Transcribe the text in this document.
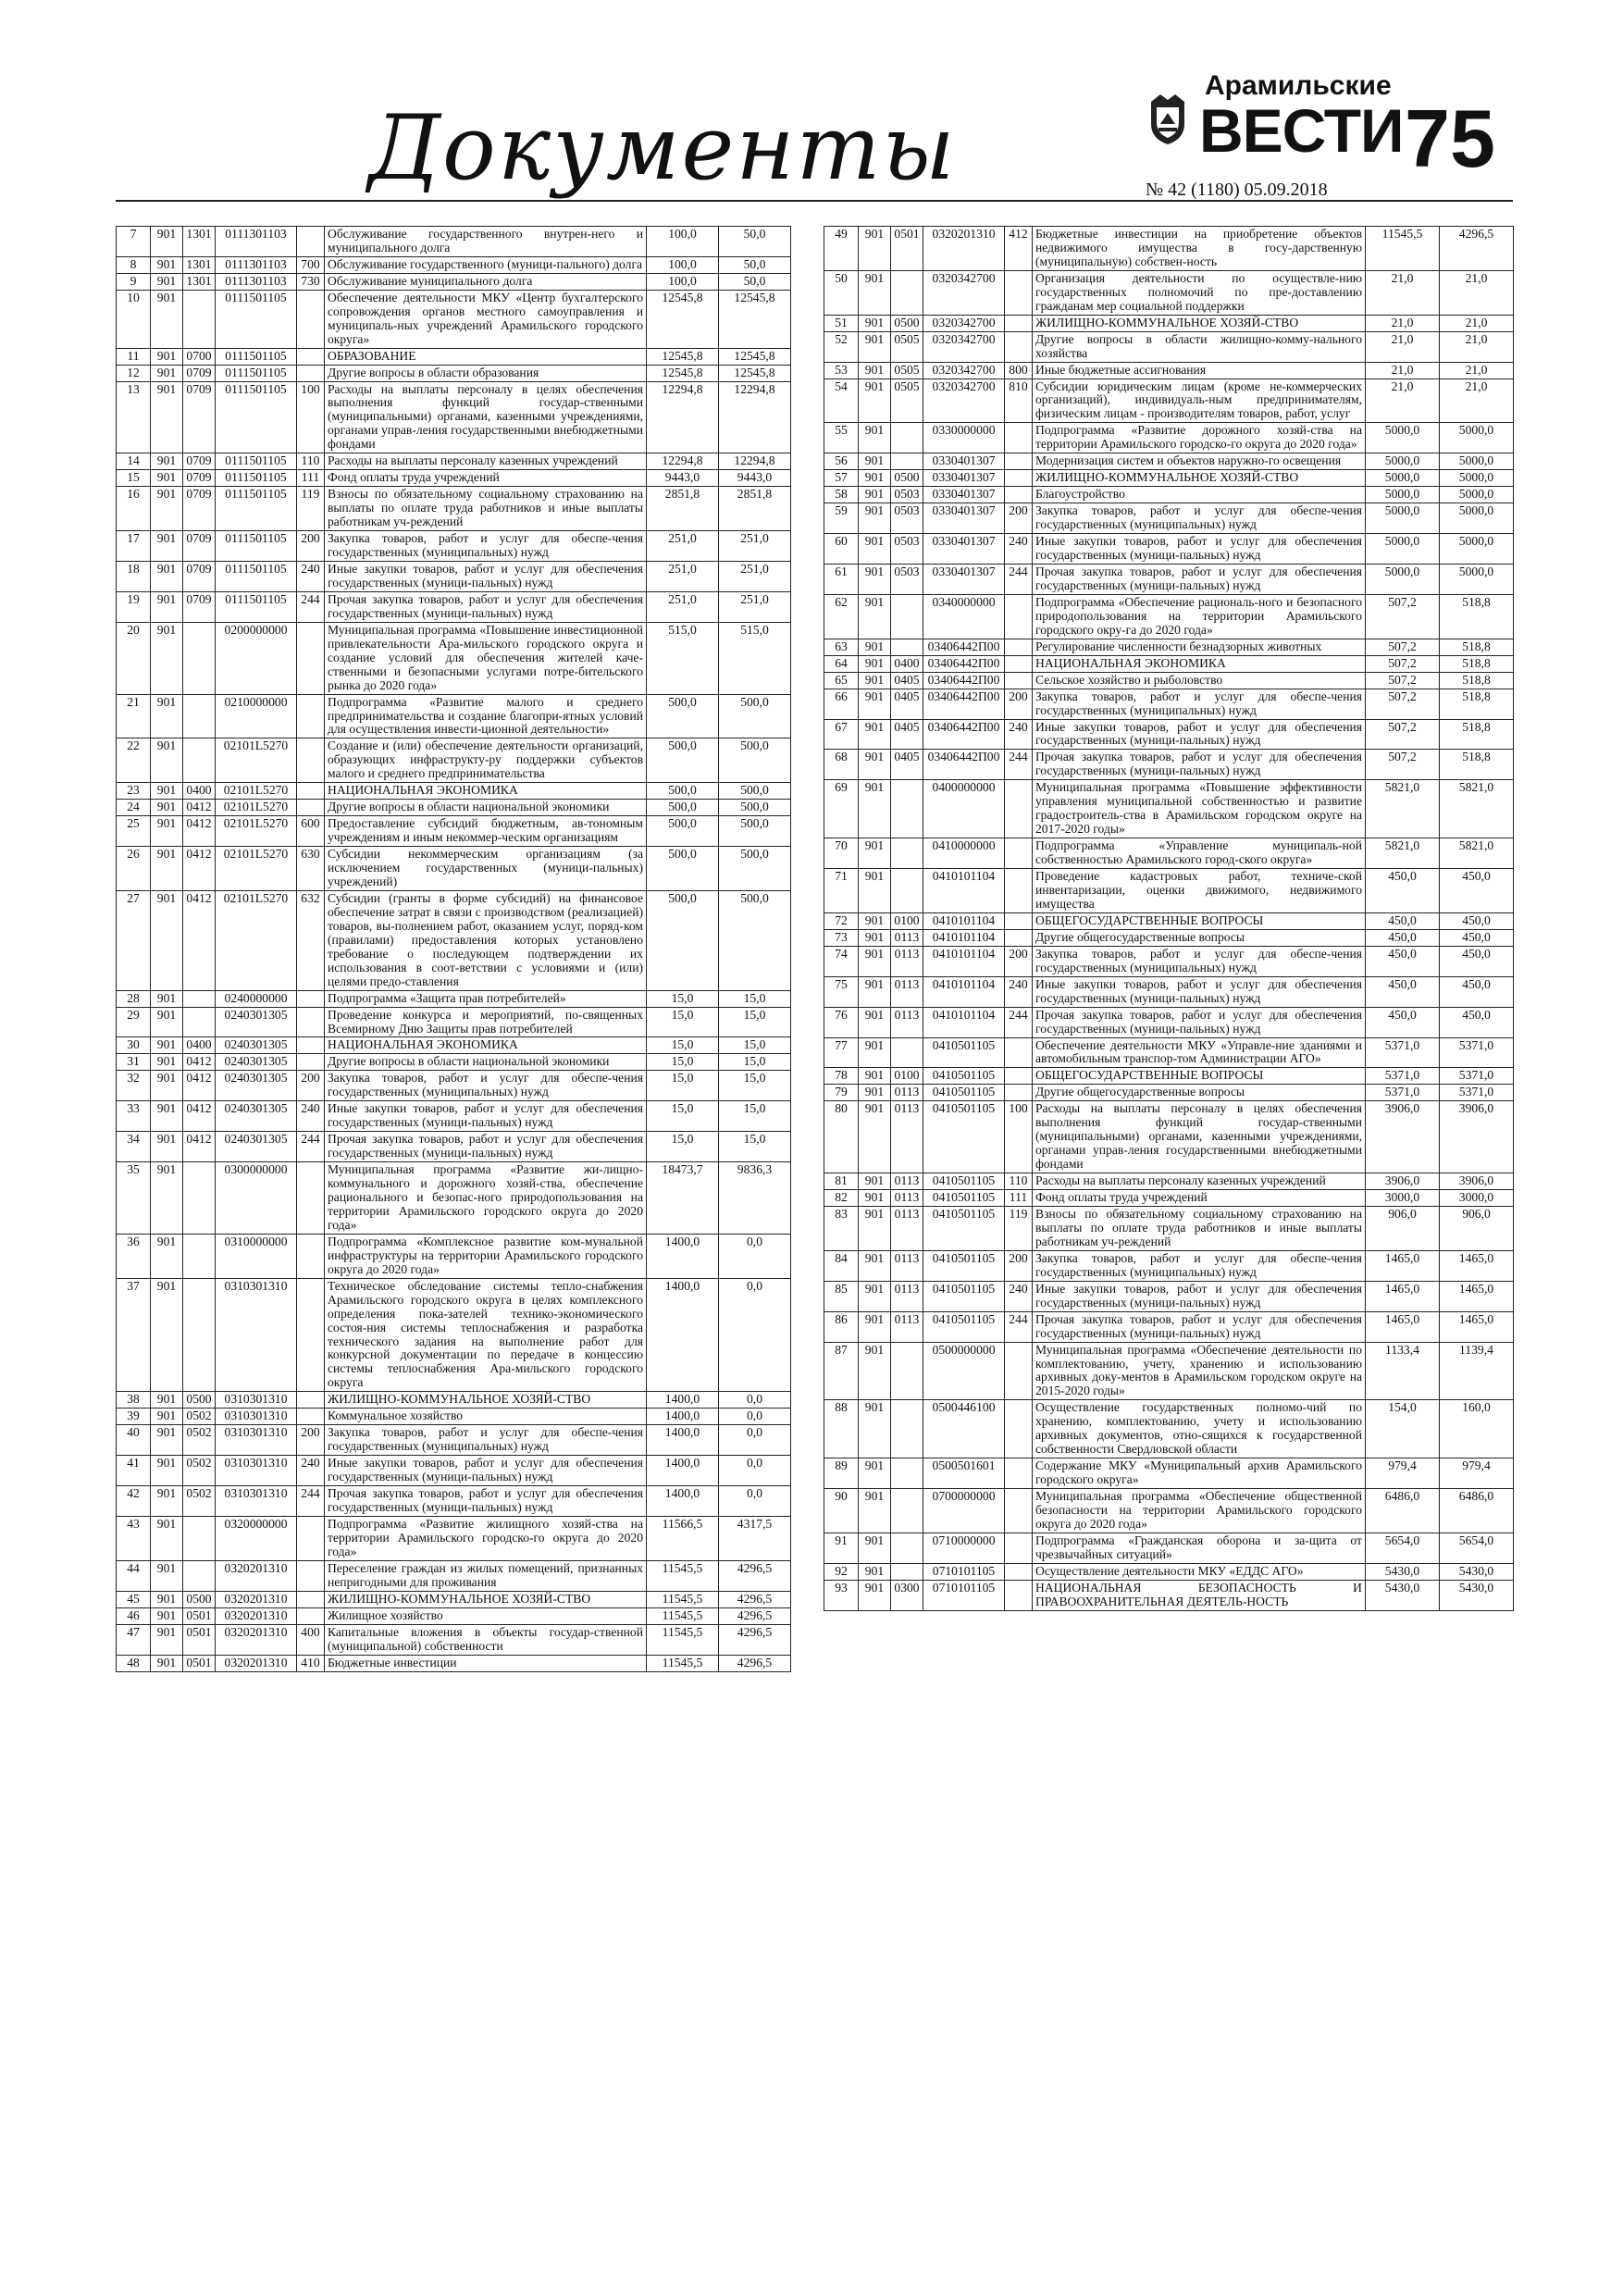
Документы
Арамильские
ВЕСТИ
№ 42 (1180) 05.09.2018
75
7	901	1301	0111301103		Обслуживание государственного внутрен-него и муниципального долга	100,0	50,0
8	901	1301	0111301103	700	Обслуживание государственного (муници-пального) долга	100,0	50,0
9	901	1301	0111301103	730	Обслуживание муниципального долга	100,0	50,0
10	901		0111501105		Обеспечение деятельности МКУ «Центр бухгалтерского сопровождения органов местного самоуправления и муниципаль-ных учреждений Арамильского городского округа»	12545,8	12545,8
11	901	0700	0111501105		ОБРАЗОВАНИЕ	12545,8	12545,8
12	901	0709	0111501105		Другие вопросы в области образования	12545,8	12545,8
13	901	0709	0111501105	100	Расходы на выплаты персоналу в целях обеспечения выполнения функций государ-ственными (муниципальными) органами, казенными учреждениями, органами управ-ления государственными внебюджетными фондами	12294,8	12294,8
14	901	0709	0111501105	110	Расходы на выплаты персоналу казенных учреждений	12294,8	12294,8
15	901	0709	0111501105	111	Фонд оплаты труда учреждений	9443,0	9443,0
16	901	0709	0111501105	119	Взносы по обязательному социальному страхованию на выплаты по оплате труда работников и иные выплаты работникам уч-реждений	2851,8	2851,8
17	901	0709	0111501105	200	Закупка товаров, работ и услуг для обеспе-чения государственных (муниципальных) нужд	251,0	251,0
18	901	0709	0111501105	240	Иные закупки товаров, работ и услуг для обеспечения государственных (муници-пальных) нужд	251,0	251,0
19	901	0709	0111501105	244	Прочая закупка товаров, работ и услуг для обеспечения государственных (муници-пальных) нужд	251,0	251,0
20	901		0200000000		Муниципальная программа «Повышение инвестиционной привлекательности Ара-мильского городского округа и создание условий для обеспечения жителей каче-ственными и безопасными услугами потре-бительского рынка до 2020 года»	515,0	515,0
21	901		0210000000		Подпрограмма «Развитие малого и среднего предпринимательства и создание благопри-ятных условий для осуществления инвести-ционной деятельности»	500,0	500,0
22	901		02101L5270		Создание и (или) обеспечение деятельности организаций, образующих инфраструкту-ру поддержки субъектов малого и среднего предпринимательства	500,0	500,0
23	901	0400	02101L5270		НАЦИОНАЛЬНАЯ ЭКОНОМИКА	500,0	500,0
24	901	0412	02101L5270		Другие вопросы в области национальной экономики	500,0	500,0
25	901	0412	02101L5270	600	Предоставление субсидий бюджетным, ав-тономным учреждениям и иным некоммер-ческим организациям	500,0	500,0
26	901	0412	02101L5270	630	Субсидии некоммерческим организациям (за исключением государственных (муници-пальных) учреждений)	500,0	500,0
27	901	0412	02101L5270	632	Субсидии (гранты в форме субсидий) на финансовое обеспечение затрат в связи с производством (реализацией) товаров, вы-полнением работ, оказанием услуг, поряд-ком (правилами) предоставления которых установлено требование о последующем подтверждении их использования в соот-ветствии с условиями и (или) целями предо-ставления	500,0	500,0
28	901		0240000000		Подпрограмма «Защита прав потребителей»	15,0	15,0
29	901		0240301305		Проведение конкурса и мероприятий, по-священных Всемирному Дню Защиты прав потребителей	15,0	15,0
30	901	0400	0240301305		НАЦИОНАЛЬНАЯ ЭКОНОМИКА	15,0	15,0
31	901	0412	0240301305		Другие вопросы в области национальной экономики	15,0	15,0
32	901	0412	0240301305	200	Закупка товаров, работ и услуг для обеспе-чения государственных (муниципальных) нужд	15,0	15,0
33	901	0412	0240301305	240	Иные закупки товаров, работ и услуг для обеспечения государственных (муници-пальных) нужд	15,0	15,0
34	901	0412	0240301305	244	Прочая закупка товаров, работ и услуг для обеспечения государственных (муници-пальных) нужд	15,0	15,0
35	901		0300000000		Муниципальная программа «Развитие жи-лищно-коммунального и дорожного хозяй-ства, обеспечение рационального и безопас-ного природопользования на территории Арамильского городского округа до 2020 года»	18473,7	9836,3
36	901		0310000000		Подпрограмма «Комплексное развитие ком-мунальной инфраструктуры на территории Арамильского городского округа до 2020 года»	1400,0	0,0
37	901		0310301310		Техническое обследование системы тепло-снабжения Арамильского городского округа в целях комплексного определения пока-зателей технико-экономического состоя-ния системы теплоснабжения и разработка технического задания на выполнение работ для конкурсной документации по передаче в концессию системы теплоснабжения Ара-мильского городского округа	1400,0	0,0
38	901	0500	0310301310		ЖИЛИЩНО-КОММУНАЛЬНОЕ ХОЗЯЙ-СТВО	1400,0	0,0
39	901	0502	0310301310		Коммунальное хозяйство	1400,0	0,0
40	901	0502	0310301310	200	Закупка товаров, работ и услуг для обеспе-чения государственных (муниципальных) нужд	1400,0	0,0
41	901	0502	0310301310	240	Иные закупки товаров, работ и услуг для обеспечения государственных (муници-пальных) нужд	1400,0	0,0
42	901	0502	0310301310	244	Прочая закупка товаров, работ и услуг для обеспечения государственных (муници-пальных) нужд	1400,0	0,0
43	901		0320000000		Подпрограмма «Развитие жилищного хозяй-ства на территории Арамильского городско-го округа до 2020 года»	11566,5	4317,5
44	901		0320201310		Переселение граждан из жилых помещений, признанных непригодными для проживания	11545,5	4296,5
45	901	0500	0320201310		ЖИЛИЩНО-КОММУНАЛЬНОЕ ХОЗЯЙ-СТВО	11545,5	4296,5
46	901	0501	0320201310		Жилищное хозяйство	11545,5	4296,5
47	901	0501	0320201310	400	Капитальные вложения в объекты государ-ственной (муниципальной) собственности	11545,5	4296,5
48	901	0501	0320201310	410	Бюджетные инвестиции	11545,5	4296,5
49	901	0501	0320201310	412	Бюджетные инвестиции на приобретение объектов недвижимого имущества в госу-дарственную (муниципальную) собствен-ность	11545,5	4296,5
50	901		0320342700		Организация деятельности по осуществле-нию государственных полномочий по пре-доставлению гражданам мер социальной поддержки	21,0	21,0
51	901	0500	0320342700		ЖИЛИЩНО-КОММУНАЛЬНОЕ ХОЗЯЙ-СТВО	21,0	21,0
52	901	0505	0320342700		Другие вопросы в области жилищно-комму-нального хозяйства	21,0	21,0
53	901	0505	0320342700	800	Иные бюджетные ассигнования	21,0	21,0
54	901	0505	0320342700	810	Субсидии юридическим лицам (кроме не-коммерческих организаций), индивидуаль-ным предпринимателям, физическим лицам - производителям товаров, работ, услуг	21,0	21,0
55	901		0330000000		Подпрограмма «Развитие дорожного хозяй-ства на территории Арамильского городско-го округа до 2020 года»	5000,0	5000,0
56	901		0330401307		Модернизация систем и объектов наружно-го освещения	5000,0	5000,0
57	901	0500	0330401307		ЖИЛИЩНО-КОММУНАЛЬНОЕ ХОЗЯЙ-СТВО	5000,0	5000,0
58	901	0503	0330401307		Благоустройство	5000,0	5000,0
59	901	0503	0330401307	200	Закупка товаров, работ и услуг для обеспе-чения государственных (муниципальных) нужд	5000,0	5000,0
60	901	0503	0330401307	240	Иные закупки товаров, работ и услуг для обеспечения государственных (муници-пальных) нужд	5000,0	5000,0
61	901	0503	0330401307	244	Прочая закупка товаров, работ и услуг для обеспечения государственных (муници-пальных) нужд	5000,0	5000,0
62	901		0340000000		Подпрограмма «Обеспечение рациональ-ного и безопасного природопользования на территории Арамильского городского окру-га до 2020 года»	507,2	518,8
63	901		03406442П00		Регулирование численности безнадзорных животных	507,2	518,8
64	901	0400	03406442П00		НАЦИОНАЛЬНАЯ ЭКОНОМИКА	507,2	518,8
65	901	0405	03406442П00		Сельское хозяйство и рыболовство	507,2	518,8
66	901	0405	03406442П00	200	Закупка товаров, работ и услуг для обеспе-чения государственных (муниципальных) нужд	507,2	518,8
67	901	0405	03406442П00	240	Иные закупки товаров, работ и услуг для обеспечения государственных (муници-пальных) нужд	507,2	518,8
68	901	0405	03406442П00	244	Прочая закупка товаров, работ и услуг для обеспечения государственных (муници-пальных) нужд	507,2	518,8
69	901		0400000000		Муниципальная программа «Повышение эффективности управления муниципальной собственностью и развитие градостроитель-ства в Арамильском городском округе на 2017-2020 годы»	5821,0	5821,0
70	901		0410000000		Подпрограмма «Управление муниципаль-ной собственностью Арамильского город-ского округа»	5821,0	5821,0
71	901		0410101104		Проведение кадастровых работ, техниче-ской инвентаризации, оценки движимого, недвижимого имущества	450,0	450,0
72	901	0100	0410101104		ОБЩЕГОСУДАРСТВЕННЫЕ ВОПРОСЫ	450,0	450,0
73	901	0113	0410101104		Другие общегосударственные вопросы	450,0	450,0
74	901	0113	0410101104	200	Закупка товаров, работ и услуг для обеспе-чения государственных (муниципальных) нужд	450,0	450,0
75	901	0113	0410101104	240	Иные закупки товаров, работ и услуг для обеспечения государственных (муници-пальных) нужд	450,0	450,0
76	901	0113	0410101104	244	Прочая закупка товаров, работ и услуг для обеспечения государственных (муници-пальных) нужд	450,0	450,0
77	901		0410501105		Обеспечение деятельности МКУ «Управле-ние зданиями и автомобильным транспор-том Администрации АГО»	5371,0	5371,0
78	901	0100	0410501105		ОБЩЕГОСУДАРСТВЕННЫЕ ВОПРОСЫ	5371,0	5371,0
79	901	0113	0410501105		Другие общегосударственные вопросы	5371,0	5371,0
80	901	0113	0410501105	100	Расходы на выплаты персоналу в целях обеспечения выполнения функций государ-ственными (муниципальными) органами, казенными учреждениями, органами управ-ления государственными внебюджетными фондами	3906,0	3906,0
81	901	0113	0410501105	110	Расходы на выплаты персоналу казенных учреждений	3906,0	3906,0
82	901	0113	0410501105	111	Фонд оплаты труда учреждений	3000,0	3000,0
83	901	0113	0410501105	119	Взносы по обязательному социальному страхованию на выплаты по оплате труда работников и иные выплаты работникам уч-реждений	906,0	906,0
84	901	0113	0410501105	200	Закупка товаров, работ и услуг для обеспе-чения государственных (муниципальных) нужд	1465,0	1465,0
85	901	0113	0410501105	240	Иные закупки товаров, работ и услуг для обеспечения государственных (муници-пальных) нужд	1465,0	1465,0
86	901	0113	0410501105	244	Прочая закупка товаров, работ и услуг для обеспечения государственных (муници-пальных) нужд	1465,0	1465,0
87	901		0500000000		Муниципальная программа «Обеспечение деятельности по комплектованию, учету, хранению и использованию архивных доку-ментов в Арамильском городском округе на 2015-2020 годы»	1133,4	1139,4
88	901		0500446100		Осуществление государственных полномо-чий по хранению, комплектованию, учету и использованию архивных документов, отно-сящихся к государственной собственности Свердловской области	154,0	160,0
89	901		0500501601		Содержание МКУ «Муниципальный архив Арамильского городского округа»	979,4	979,4
90	901		0700000000		Муниципальная программа «Обеспечение общественной безопасности на территории Арамильского городского округа до 2020 года»	6486,0	6486,0
91	901		0710000000		Подпрограмма «Гражданская оборона и за-щита от чрезвычайных ситуаций»	5654,0	5654,0
92	901		0710101105		Осуществление деятельности МКУ «ЕДДС АГО»	5430,0	5430,0
93	901	0300	0710101105		НАЦИОНАЛЬНАЯ БЕЗОПАСНОСТЬ И ПРАВООХРАНИТЕЛЬНАЯ ДЕЯТЕЛЬ-НОСТЬ	5430,0	5430,0
